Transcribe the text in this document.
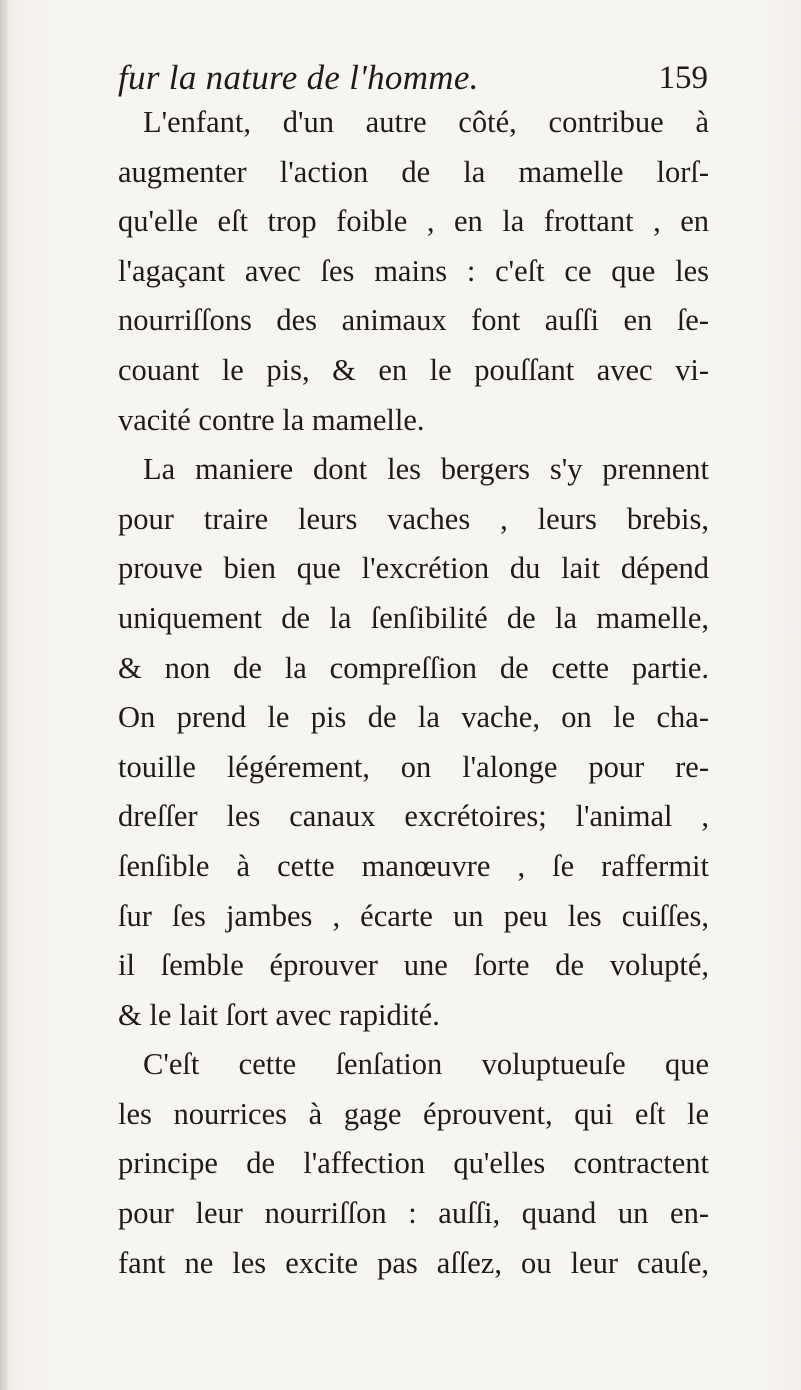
fur la nature de l'homme.	159
L'enfant, d'un autre côté, contribue à
augmenter l'action de la mamelle lorſ-
qu'elle eſt trop foible , en la frottant , en
l'agaçant avec ſes mains : c'eſt ce que les
nourriſſons des animaux font auſſi en ſe-
couant le pis, & en le pouſſant avec vi-
vacité contre la mamelle.
La maniere dont les bergers s'y prennent
pour traire leurs vaches , leurs brebis,
prouve bien que l'excrétion du lait dépend
uniquement de la ſenſibilité de la mamelle,
& non de la compreſſion de cette partie.
On prend le pis de la vache, on le cha-
touille légérement, on l'alonge pour re-
dreſſer les canaux excrétoires; l'animal ,
ſenſible à cette manœuvre , ſe raffermit
ſur ſes jambes , écarte un peu les cuiſſes,
il ſemble éprouver une ſorte de volupté,
& le lait ſort avec rapidité.
C'eſt cette ſenſation voluptueuſe que
les nourrices à gage éprouvent, qui eſt le
principe de l'affection qu'elles contractent
pour leur nourriſſon : auſſi, quand un en-
fant ne les excite pas aſſez, ou leur cauſe,
